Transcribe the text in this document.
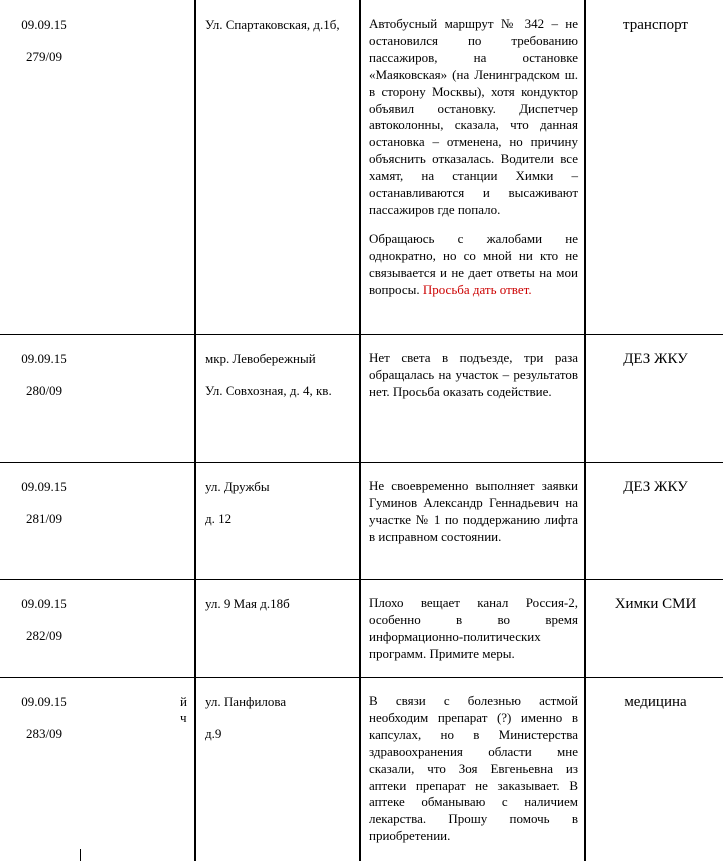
09.09.15
279/09

Ул. Спартаковская, д.1б,	Автобусный маршрут № 342 – не остановился по требованию пассажиров, на остановке «Маяковская» (на Ленинградском ш. в сторону Москвы), хотя кондуктор объявил остановку. Диспетчер автоколонны, сказала, что данная остановка – отменена, но причину объяснить отказалась. Водители все хамят, на станции Химки – останавливаются и высаживают пассажиров где попало.

Обращаюсь с жалобами не однократно, но со мной ни кто не связывается и не дает ответы на мои вопросы. Просьба дать ответ.

транспорт
09.09.15
280/09

мкр. Левобережный

Ул. Совхозная, д. 4, кв.

Нет света в подъезде, три раза обращалась на участок – результатов нет. Просьба оказать содействие.

ДЕЗ ЖКУ
09.09.15
281/09

ул. Дружбы

д. 12

Не своевременно выполняет заявки Гуминов Александр Геннадьевич на участке № 1 по поддержанию лифта в исправном состоянии.

ДЕЗ ЖКУ
09.09.15
282/09

ул. 9 Мая д.18б	Плохо вещает канал Россия-2, особенно в во время информационно-политических программ. Примите меры.

Химки СМИ
09.09.15
283/09
й
ч

ул. Панфилова

д.9

В связи с болезнью астмой необходим препарат (?) именно в капсулах, но в Министерства здравоохранения области мне сказали, что Зоя Евгеньевна из аптеки препарат не заказывает. В аптеке обманываю с наличием лекарства. Прошу помочь в приобретении.

медицина
